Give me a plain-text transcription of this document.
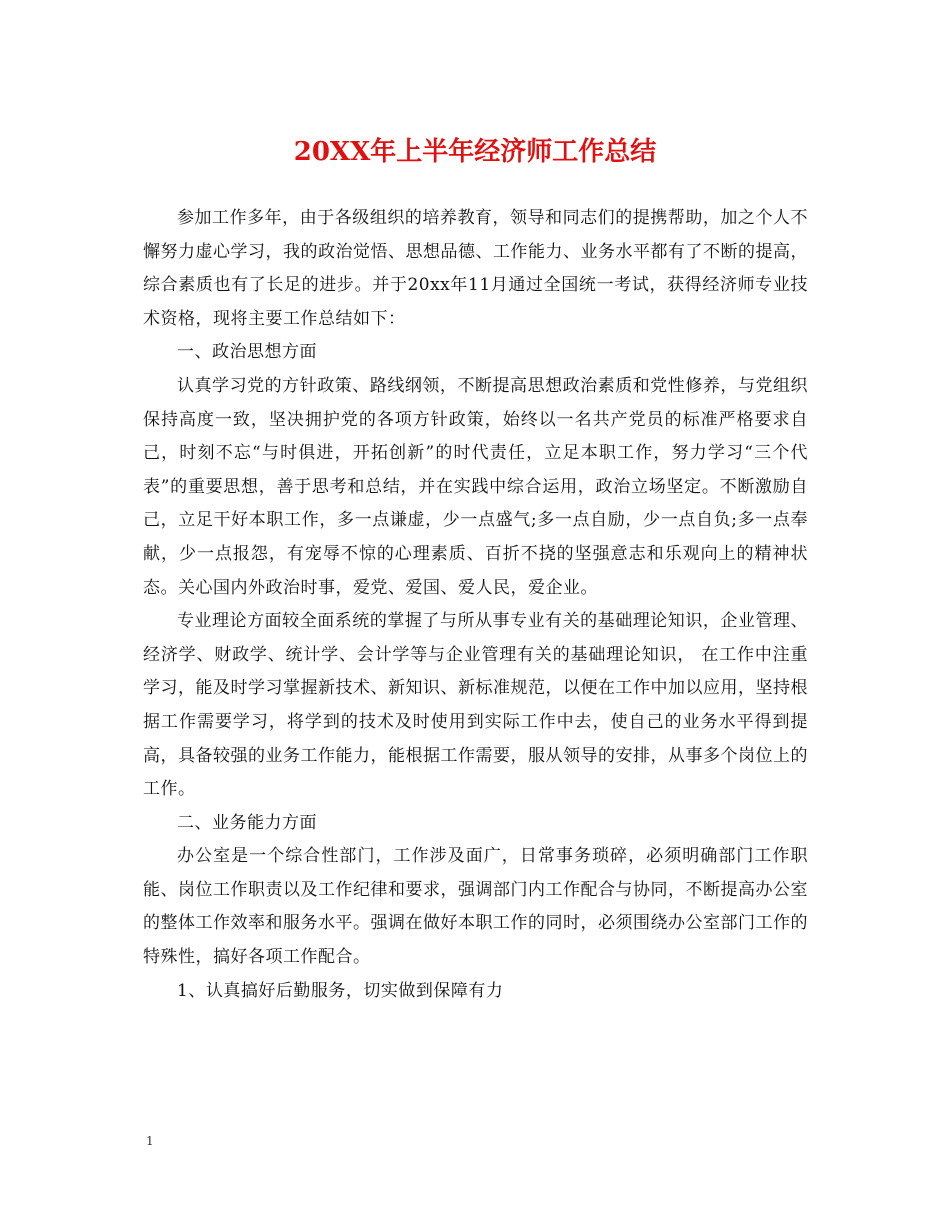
20XX年上半年经济师工作总结

参加工作多年，由于各级组织的培养教育，领导和同志们的提携帮助，加之个人不懈努力虚心学习，我的政治觉悟、思想品德、工作能力、业务水平都有了不断的提高，综合素质也有了长足的进步。并于20xx年11月通过全国统一考试，获得经济师专业技术资格，现将主要工作总结如下：

一、政治思想方面

认真学习党的方针政策、路线纲领，不断提高思想政治素质和党性修养，与党组织保持高度一致，坚决拥护党的各项方针政策，始终以一名共产党员的标准严格要求自己，时刻不忘“与时俱进，开拓创新”的时代责任，立足本职工作，努力学习“三个代表”的重要思想，善于思考和总结，并在实践中综合运用，政治立场坚定。不断激励自己，立足干好本职工作，多一点谦虚，少一点盛气;多一点自励，少一点自负;多一点奉献，少一点报怨，有宠辱不惊的心理素质、百折不挠的坚强意志和乐观向上的精神状态。关心国内外政治时事，爱党、爱国、爱人民，爱企业。

专业理论方面较全面系统的掌握了与所从事专业有关的基础理论知识，企业管理、经济学、财政学、统计学、会计学等与企业管理有关的基础理论知识， 在工作中注重学习，能及时学习掌握新技术、新知识、新标准规范，以便在工作中加以应用，坚持根据工作需要学习，将学到的技术及时使用到实际工作中去，使自己的业务水平得到提高，具备较强的业务工作能力，能根据工作需要，服从领导的安排，从事多个岗位上的工作。

二、业务能力方面

办公室是一个综合性部门，工作涉及面广，日常事务琐碎，必须明确部门工作职能、岗位工作职责以及工作纪律和要求，强调部门内工作配合与协同，不断提高办公室的整体工作效率和服务水平。强调在做好本职工作的同时，必须围绕办公室部门工作的特殊性，搞好各项工作配合。

1、认真搞好后勤服务，切实做到保障有力

1
